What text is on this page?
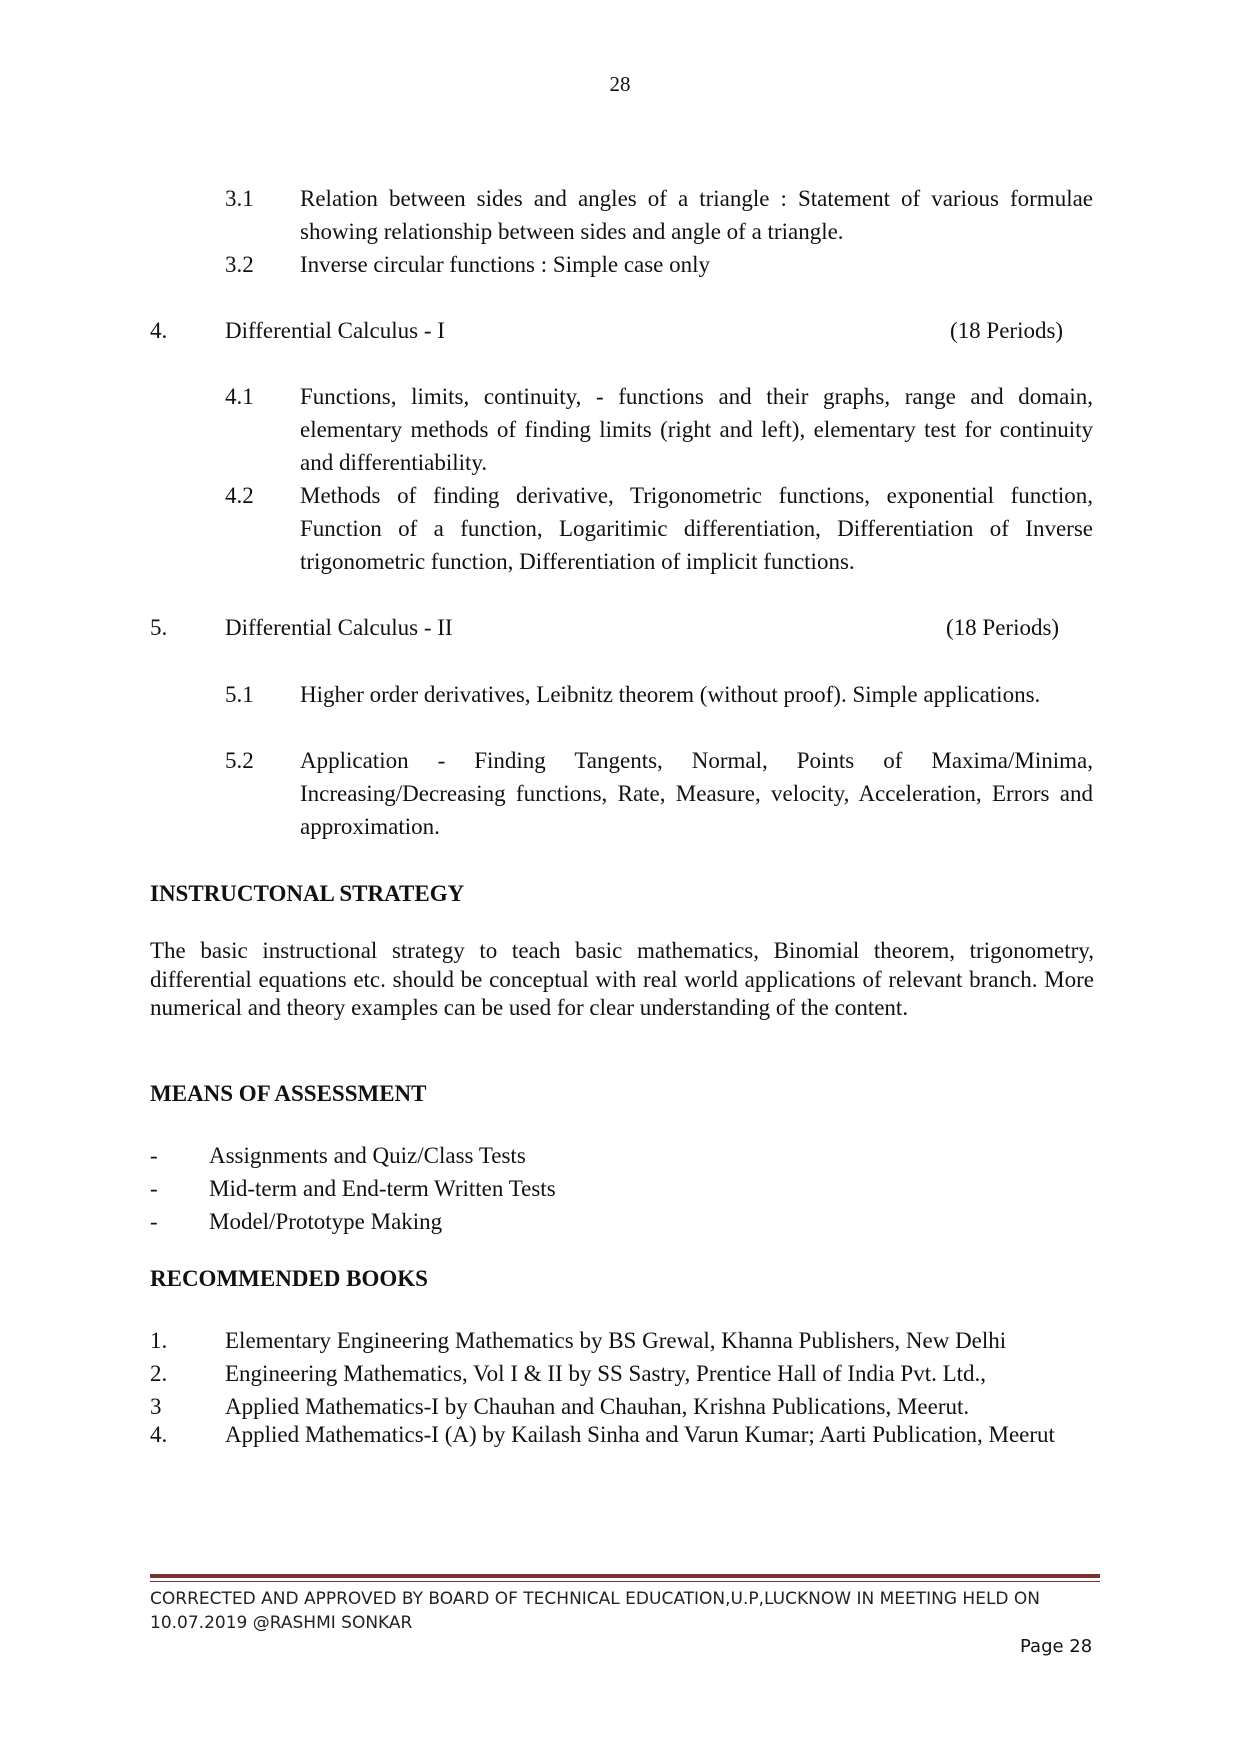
28
3.1 Relation between sides and angles of a triangle : Statement of various formulae showing relationship between sides and angle of a triangle.
3.2 Inverse circular functions : Simple case only
4.	Differential Calculus - I	(18 Periods)
4.1 Functions, limits, continuity, - functions and their graphs, range and domain, elementary methods of finding limits (right and left), elementary test for continuity and differentiability.
4.2 Methods of finding derivative, Trigonometric functions, exponential function, Function of a function, Logaritimic differentiation, Differentiation of Inverse trigonometric function, Differentiation of implicit functions.
5.	Differential Calculus - II	(18 Periods)
5.1 Higher order derivatives, Leibnitz theorem (without proof). Simple applications.
5.2 Application - Finding Tangents, Normal, Points of Maxima/Minima, Increasing/Decreasing functions, Rate, Measure, velocity, Acceleration, Errors and approximation.
INSTRUCTONAL STRATEGY
The basic instructional strategy to teach basic mathematics, Binomial theorem, trigonometry, differential equations etc. should be conceptual with real world applications of relevant branch. More numerical and theory examples can be used for clear understanding of the content.
MEANS OF ASSESSMENT
- Assignments and Quiz/Class Tests
- Mid-term and End-term Written Tests
- Model/Prototype Making
RECOMMENDED BOOKS
1.	Elementary Engineering Mathematics by BS Grewal, Khanna Publishers, New Delhi
2.	Engineering Mathematics, Vol I & II by SS Sastry, Prentice Hall of India Pvt. Ltd.,
3	Applied Mathematics-I by Chauhan and Chauhan, Krishna Publications, Meerut.
4.	Applied Mathematics-I (A) by Kailash Sinha and Varun Kumar; Aarti Publication, Meerut
CORRECTED AND APPROVED BY BOARD OF TECHNICAL EDUCATION,U.P,LUCKNOW IN MEETING HELD ON 10.07.2019 @RASHMI SONKAR
Page 28
